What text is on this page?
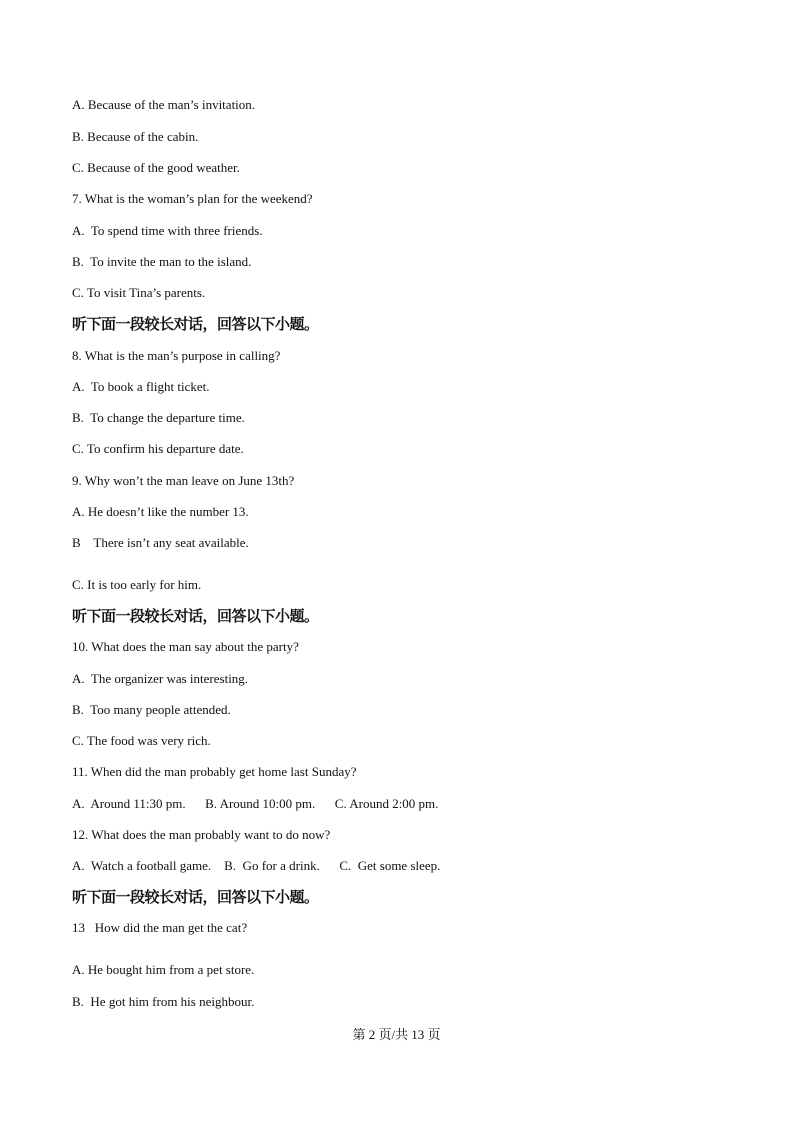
A. Because of the man’s invitation.
B. Because of the cabin.
C. Because of the good weather.
7. What is the woman’s plan for the weekend?
A.  To spend time with three friends.
B.  To invite the man to the island.
C. To visit Tina’s parents.
听下面一段较长对话，回答以下小题。
8. What is the man’s purpose in calling?
A.  To book a flight ticket.
B.  To change the departure time.
C. To confirm his departure date.
9. Why won’t the man leave on June 13th?
A. He doesn’t like the number 13.
B    There isn’t any seat available.
C. It is too early for him.
听下面一段较长对话，回答以下小题。
10. What does the man say about the party?
A.  The organizer was interesting.
B.  Too many people attended.
C. The food was very rich.
11. When did the man probably get home last Sunday?
A.  Around 11:30 pm.      B. Around 10:00 pm.      C. Around 2:00 pm.
12. What does the man probably want to do now?
A.  Watch a football game.    B.  Go for a drink.      C.  Get some sleep.
听下面一段较长对话，回答以下小题。
13   How did the man get the cat?
A. He bought him from a pet store.
B.  He got him from his neighbour.
第 2 页/共 13 页
